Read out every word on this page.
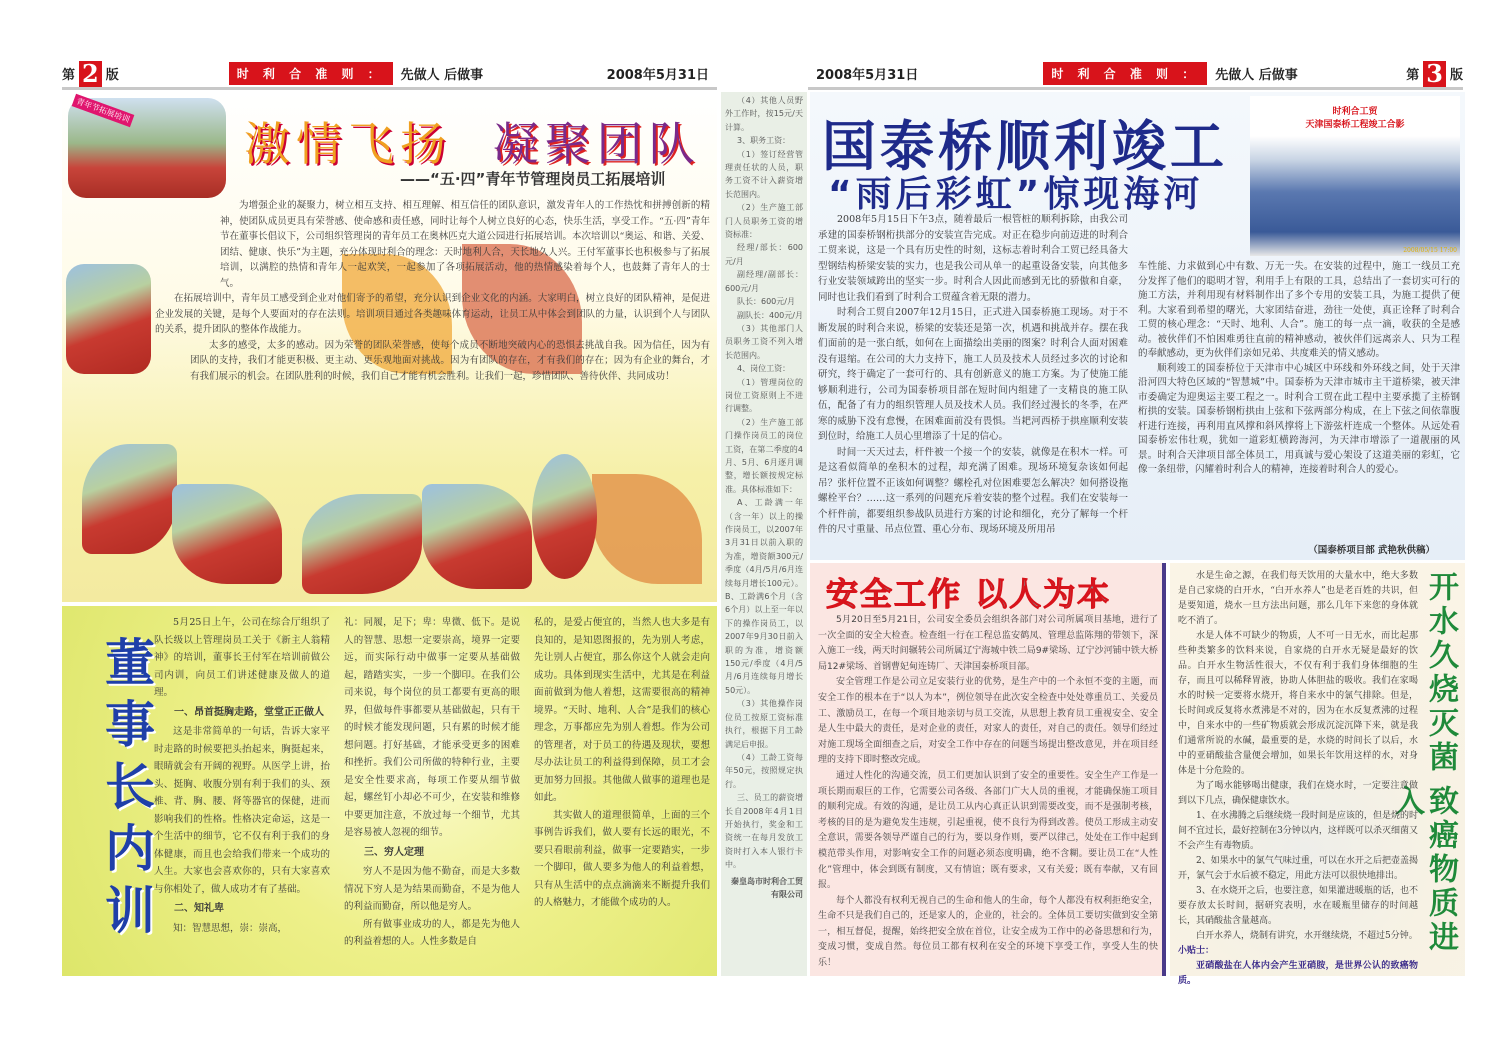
第 2 版	时 利 合 准 则 ：	先做人 后做事	2008年5月31日	2008年5月31日	时 利 合 准 则 ：	先做人 后做事	第 3 版
青年节拓展培训
激情飞扬 凝聚团队
——“五·四”青年节管理岗员工拓展培训

为增强企业的凝聚力，树立相互支持、相互理解、相互信任的团队意识，激发青年人的工作热忱和拼搏创新的精神，使团队成员更具有荣誉感、使命感和责任感，同时让每个人树立良好的心态，快乐生活，享受工作。“五·四”青年节在董事长倡议下，公司组织管理岗的青年员工在奥林匹克大道公园进行拓展培训。本次培训以“奥运、和谐、关爱、团结、健康、快乐”为主题，充分体现时利合的理念：天时地利人合，天长地久人兴。王付军董事长也积极参与了拓展培训，以满腔的热情和青年人一起欢笑，一起参加了各项拓展活动，他的热情感染着每个人，也鼓舞了青年人的士气。

在拓展培训中，青年员工感受到企业对他们寄予的希望，充分认识到企业文化的内涵。大家明白，树立良好的团队精神，是促进企业发展的关键，是每个人要面对的存在法则。培训项目通过各类趣味体育运动，让员工从中体会到团队的力量，认识到个人与团队的关系，提升团队的整体作战能力。

太多的感受，太多的感动。因为荣誉的团队荣誉感，使每个成员不断地突破内心的恐惧去挑战自我。因为信任，因为有团队的支持，我们才能更积极、更主动、更乐观地面对挑战。因为有团队的存在，才有我们的存在；因为有企业的舞台，才有我们展示的机会。在团队胜利的时候，我们自己才能有机会胜利。让我们一起，珍惜团队、善待伙伴、共同成功！

董事长内训

5月25日上午，公司在综合厅组织了队长级以上管理岗员工关于《新主人翁精神》的培训，董事长王付军在培训前做公司内训，向员工们讲述健康及做人的道理。

一、昂首挺胸走路，堂堂正正做人

这是非常简单的一句话，告诉大家平时走路的时候要把头抬起来，胸挺起来，眼睛就会有开阔的视野。从医学上讲，抬头、挺胸、收腹分别有利于我们的头、颈椎、背、胸、腰、肾等器官的保健，进而影响我们的性格。性格决定命运，这是一个生活中的细节，它不仅有利于我们的身体健康，而且也会给我们带来一个成功的人生。大家也会喜欢你的，只有大家喜欢与你相处了，做人成功才有了基础。

二、知礼卑

知：智慧思想，崇：崇高，

礼：同履，足下；卑：卑微、低下。是说人的智慧、思想一定要崇高，境界一定要远，而实际行动中做事一定要从基础做起，踏踏实实，一步一个脚印。在我们公司来说，每个岗位的员工都要有更高的眼界，但做每件事都要从基础做起，只有干的时候才能发现问题，只有累的时候才能想问题。打好基础，才能承受更多的困难和挫折。我们公司所做的特种行业，主要是安全性要求高，每项工作要从细节做起，螺丝钉小却必不可少，在安装和维修中要更加注意，不放过每一个细节，尤其是容易被人忽视的细节。

三、穷人定理

穷人不是因为他不勤奋，而是大多数情况下穷人是为结果而勤奋，不是为他人的利益而勤奋，所以他是穷人。

所有做事业成功的人，都是先为他人的利益着想的人。人性多数是自

私的，是爱占便宜的，当然人也大多是有良知的，是知恩图报的，先为别人考虑，先让别人占便宜，那么你这个人就会走向成功。具体到现实生活中，尤其是在利益面前做到为他人着想，这需要很高的精神境界。“天时、地利、人合”是我们的核心理念，万事都应先为别人着想。作为公司的管理者，对于员工的待遇及现状，要想尽办法让员工的利益得到保障，员工才会更加努力回报。其他做人做事的道理也是如此。

其实做人的道理很简单，上面的三个事例告诉我们，做人要有长远的眼光，不要只看眼前利益，做事一定要踏实，一步一个脚印，做人要多为他人的利益着想，只有从生活中的点点滴滴来不断提升我们的人格魅力，才能做个成功的人。

（4）其他人员野外工作时，按15元/天计算。

3、职务工资：

（1）签订经营管理责任状的人员，职务工资不计入薪资增长范围内。

（2）生产施工部门人员职务工资的增资标准：

经理/部长：600元/月

副经理/副部长：600元/月

队长：600元/月

副队长：400元/月

（3）其他部门人员职务工资不列入增长范围内。

4、岗位工资：

（1）管理岗位的岗位工资原则上不进行调整。

（2）生产施工部门操作岗员工的岗位工资，在第二季度的4月、5月、6月逐月调整，增长额按规定标准。具体标准如下：

A、工龄满一年（含一年）以上的操作岗员工，以2007年3月31日以前入职的为准，增资额300元/季度（4月/5月/6月连续每月增长100元）。B、工龄满6个月（含6个月）以上至一年以下的操作岗员工，以2007年9月30日前入职的为准，增资额150元/季度（4月/5月/6月连续每月增长50元）。

（3）其他操作岗位员工按原工资标准执行，根据下月工龄满足后申报。

（4）工龄工资每年50元，按照规定执行。

三、员工的薪资增长自2008年4月1日开始执行，奖金和工资统一在每月发放工资时打入本人银行卡中。

秦皇岛市时利合工贸有限公司
国泰桥顺利竣工
“雨后彩虹”惊现海河
时利合工贸
天津国泰桥工程竣工合影
2008/05/15 17:00

2008年5月15日下午3点，随着最后一根管桩的顺利拆除，由我公司承建的国泰桥钢桁拱部分的安装宣告完成。对正在稳步向前迈进的时利合工贸来说，这是一个具有历史性的时刻，这标志着时利合工贸已经具备大型钢结构桥梁安装的实力，也是我公司从单一的起重设备安装，向其他多行业安装领域跨出的坚实一步。时利合人因此而感到无比的骄傲和自豪，同时也让我们看到了时利合工贸蕴含着无限的潜力。

时利合工贸自2007年12月15日，正式进入国泰桥施工现场。对于不断发展的时利合来说，桥梁的安装还是第一次，机遇和挑战并存。摆在我们面前的是一张白纸，如何在上面描绘出美丽的图案？时利合人面对困难没有退缩。在公司的大力支持下，施工人员及技术人员经过多次的讨论和研究，终于确定了一套可行的、具有创新意义的施工方案。为了使施工能够顺利进行，公司为国泰桥项目部在短时间内组建了一支精良的施工队伍，配备了有力的组织管理人员及技术人员。我们经过漫长的冬季，在严寒的威胁下没有怠慢，在困难面前没有畏惧。当耙河西桥于拱座顺利安装到位时，给施工人员心里增添了十足的信心。

时间一天天过去，杆件被一个接一个的安装，就像是在积木一样。可是这看似简单的垒积木的过程，却充满了困难。现场环境复杂该如何起吊？张杆位置不正该如何调整？螺栓孔对位困难要怎么解决？如何搭设拖螺栓平台？……这一系列的问题充斥着安装的整个过程。我们在安装每一个杆件前，都要组织参战队员进行方案的讨论和细化，充分了解每一个杆件的尺寸重量、吊点位置、重心分布、现场环境及所用吊

车性能、力求做到心中有数、万无一失。在安装的过程中，施工一线员工充分发挥了他们的聪明才智，利用手上有限的工具，总结出了一套切实可行的施工方法，并利用现有材料制作出了多个专用的安装工具，为施工提供了便利。大家看到希望的曙光，大家团结奋进，劲往一处使，真正诠释了时利合工贸的核心理念：“天时、地利、人合”。施工的每一点一滴，收获的全是感动。被伙伴们不怕困难勇往直前的精神感动，被伙伴们远离亲人、只为工程的奉献感动，更为伙伴们亲如兄弟、共度难关的情义感动。

顺利竣工的国泰桥位于天津市中心城区中环线和外环线之间，处于天津沿河四大特色区域的“智慧城”中。国泰桥为天津市城市主干道桥梁，被天津市委确定为迎奥运主要工程之一。时利合工贸在此工程中主要承揽了主桥钢桁拱的安装。国泰桥钢桁拱由上弦和下弦两部分构成，在上下弦之间依靠腹杆进行连接，再利用直风撑和斜风撑将上下游弦杆连成一个整体。从远处看国泰桥宏伟壮观，犹如一道彩虹横跨海河，为天津市增添了一道靓丽的风景。时利合天津项目部全体员工，用真诚与爱心架设了这道美丽的彩虹，它像一条纽带，闪耀着时利合人的精神，连接着时利合人的爱心。

（国泰桥项目部 武艳秋供稿）
安全工作 以人为本

5月20日至5月21日，公司安全委员会组织各部门对公司所属项目基地，进行了一次全面的安全大检查。检查组一行在工程总监安鹤凤、管理总监陈翔的带领下，深入施工一线，两天时间辗转公司所属辽宁海城中铁二局9#梁场、辽宁沙河铺中铁大桥局12#梁场、首钢曹妃甸连铸厂、天津国泰桥项目部。

安全管理工作是公司立足安装行业的优势，是生产中的一个永恒不变的主题，而安全工作的根本在于“以人为本”，例位领导在此次安全检查中处处尊重员工、关爱员工、激励员工，在每一个项目地亲切与员工交流，从思想上教育员工重视安全、安全是人生中最大的责任，是对企业的责任，对家人的责任，对自己的责任。领导们经过对施工现场全面细查之后，对安全工作中存在的问题当场提出整改意见，并在项目经理的支持下即时整改完成。

通过人性化的沟通交流，员工们更加认识到了安全的重要性。安全生产工作是一项长期而艰巨的工作，它需要公司各级、各部门广大人员的重视，才能确保施工项目的顺利完成。有效的沟通，是让员工从内心真正认识到需要改变，而不是强制考核，考核的目的是为避免发生违规，引起重视，使不良行为得到改善。使员工形成主动安全意识，需要各领导严谨自己的行为，要以身作则，要严以律己，处处在工作中起到模范带头作用，对影响安全工作的问题必须态度明确，绝不含糊。要让员工在“人性化”管理中，体会到既有制度，又有情谊；既有要求，又有关爱；既有奉献，又有回报。

每个人都没有权利无视自己的生命和他人的生命，每个人都没有权利拒绝安全，生命不只是我们自己的，还是家人的，企业的，社会的。全体员工要切实做到安全第一，相互督促，提醒，始终把安全放在首位，让安全成为工作中的必备思想和行为，变成习惯，变成自然。每位员工都有权利在安全的环境下享受工作，享受人生的快乐！

开水久烧灭菌
致癌物质进入

水是生命之源，在我们每天饮用的大量水中，绝大多数是自己家烧的白开水，“白开水养人”也是老百姓的共识，但是要知道，烧水一旦方法出问题，那么几年下来您的身体就吃不消了。

水是人体不可缺少的物质，人不可一日无水，而比起那些种类繁多的饮料来说，自家烧的白开水无疑是最好的饮品。白开水生物活性很大，不仅有利于我们身体细胞的生存，而且可以稀释胃液，协助人体胆盐的吸收。我们在家喝水的时候一定要将水烧开，将自来水中的氯气排除。但是，长时间或反复将水煮沸是不对的，因为在水反复煮沸的过程中，自来水中的一些矿物质就会形成沉淀沉降下来，就是我们通常所说的水碱，最重要的是，水烧的时间长了以后，水中的亚硝酸盐含量便会增加，如果长年饮用这样的水，对身体是十分危险的。

为了喝水能够喝出健康，我们在烧水时，一定要注意做到以下几点，确保健康饮水。

1、在水沸腾之后继续烧一段时间是应该的，但是烧的时间不宜过长，最好控制在3分钟以内，这样既可以杀灭细菌又不会产生有毒物质。

2、如果水中的氯气气味过重，可以在水开之后把壶盖揭开，氯气会于水后被不稳定，用此方法可以很快地排出。

3、在水烧开之后，也要注意，如果灌进暖瓶的话，也不要存放太长时间，据研究表明，水在暖瓶里储存的时间越长，其硝酸盐含量越高。

白开水养人，烧制有讲究，水开继续烧，不超过5分钟。

小贴士：

亚硝酸盐在人体内会产生亚硝胺，是世界公认的致癌物质。
